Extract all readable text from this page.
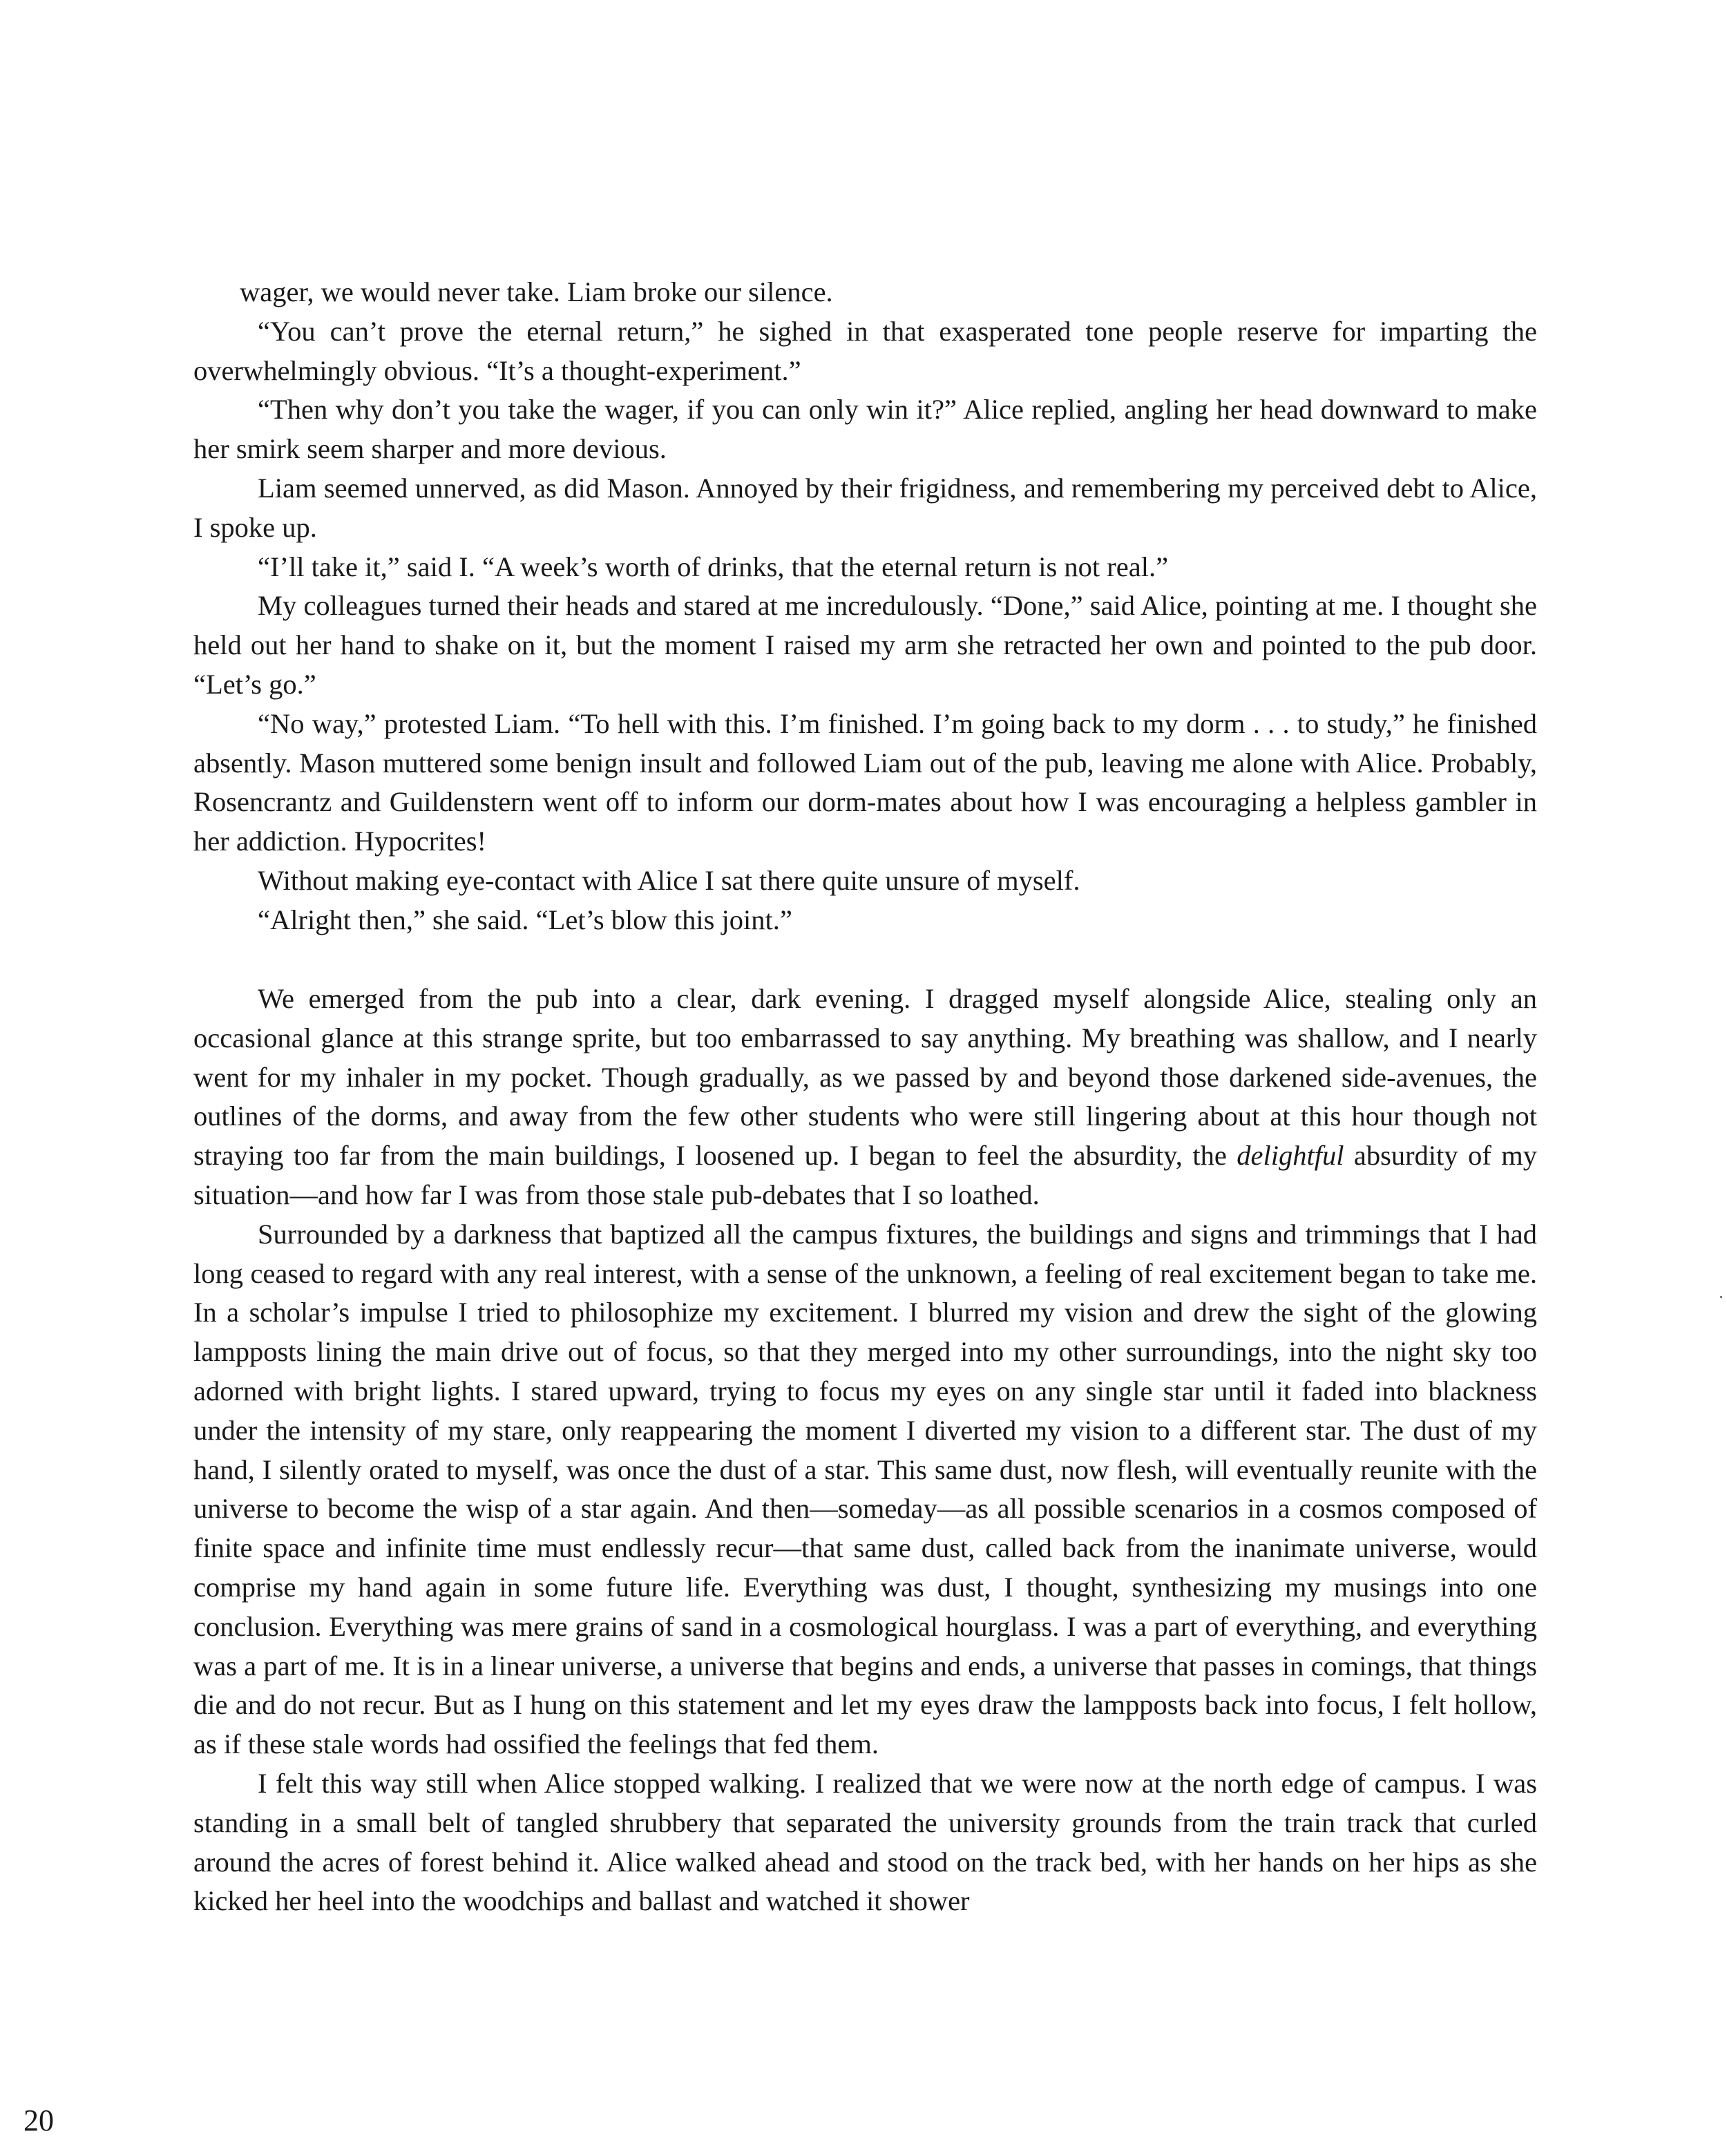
wager, we would never take. Liam broke our silence.

“You can’t prove the eternal return,” he sighed in that exasperated tone people reserve for imparting the overwhelmingly obvious. “It’s a thought-experiment.”

“Then why don’t you take the wager, if you can only win it?” Alice replied, angling her head downward to make her smirk seem sharper and more devious.

Liam seemed unnerved, as did Mason. Annoyed by their frigidness, and remembering my perceived debt to Alice, I spoke up.

“I’ll take it,” said I. “A week’s worth of drinks, that the eternal return is not real.”

My colleagues turned their heads and stared at me incredulously. “Done,” said Alice, pointing at me. I thought she held out her hand to shake on it, but the moment I raised my arm she retracted her own and pointed to the pub door. “Let’s go.”

“No way,” protested Liam. “To hell with this. I’m finished. I’m going back to my dorm . . . to study,” he finished absently. Mason muttered some benign insult and followed Liam out of the pub, leaving me alone with Alice. Probably, Rosencrantz and Guildenstern went off to inform our dorm-mates about how I was encouraging a helpless gambler in her addiction. Hypocrites!

Without making eye-contact with Alice I sat there quite unsure of myself.

“Alright then,” she said. “Let’s blow this joint.”

We emerged from the pub into a clear, dark evening. I dragged myself alongside Alice, stealing only an occasional glance at this strange sprite, but too embarrassed to say anything. My breathing was shallow, and I nearly went for my inhaler in my pocket. Though gradually, as we passed by and beyond those darkened side-avenues, the outlines of the dorms, and away from the few other students who were still lingering about at this hour though not straying too far from the main buildings, I loosened up. I began to feel the absurdity, the delightful absurdity of my situation—and how far I was from those stale pub-debates that I so loathed.

Surrounded by a darkness that baptized all the campus fixtures, the buildings and signs and trimmings that I had long ceased to regard with any real interest, with a sense of the unknown, a feeling of real excitement began to take me. In a scholar’s impulse I tried to philosophize my excitement. I blurred my vision and drew the sight of the glowing lampposts lining the main drive out of focus, so that they merged into my other surroundings, into the night sky too adorned with bright lights. I stared upward, trying to focus my eyes on any single star until it faded into blackness under the intensity of my stare, only reappearing the moment I diverted my vision to a different star. The dust of my hand, I silently orated to myself, was once the dust of a star. This same dust, now flesh, will eventually reunite with the universe to become the wisp of a star again. And then—someday—as all possible scenarios in a cosmos composed of finite space and infinite time must endlessly recur—that same dust, called back from the inanimate universe, would comprise my hand again in some future life. Everything was dust, I thought, synthesizing my musings into one conclusion. Everything was mere grains of sand in a cosmological hourglass. I was a part of everything, and everything was a part of me. It is in a linear universe, a universe that begins and ends, a universe that passes in comings, that things die and do not recur. But as I hung on this statement and let my eyes draw the lampposts back into focus, I felt hollow, as if these stale words had ossified the feelings that fed them.

I felt this way still when Alice stopped walking. I realized that we were now at the north edge of campus. I was standing in a small belt of tangled shrubbery that separated the university grounds from the train track that curled around the acres of forest behind it. Alice walked ahead and stood on the track bed, with her hands on her hips as she kicked her heel into the woodchips and ballast and watched it shower

20
